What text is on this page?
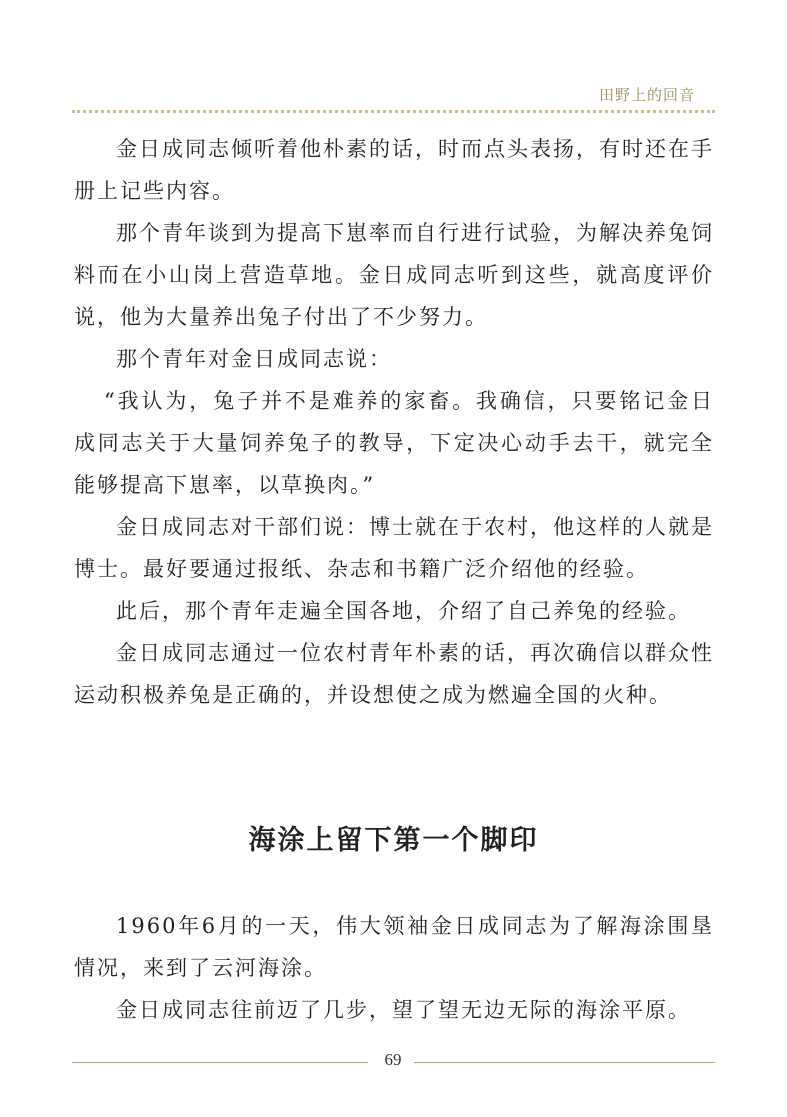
田野上的回音

金日成同志倾听着他朴素的话，时而点头表扬，有时还在手册上记些内容。

那个青年谈到为提高下崽率而自行进行试验，为解决养兔饲料而在小山岗上营造草地。金日成同志听到这些，就高度评价说，他为大量养出兔子付出了不少努力。

那个青年对金日成同志说：

“我认为，兔子并不是难养的家畜。我确信，只要铭记金日成同志关于大量饲养兔子的教导，下定决心动手去干，就完全能够提高下崽率，以草换肉。”

金日成同志对干部们说：博士就在于农村，他这样的人就是博士。最好要通过报纸、杂志和书籍广泛介绍他的经验。

此后，那个青年走遍全国各地，介绍了自己养兔的经验。

金日成同志通过一位农村青年朴素的话，再次确信以群众性运动积极养兔是正确的，并设想使之成为燃遍全国的火种。

海涂上留下第一个脚印

1960年6月的一天，伟大领袖金日成同志为了解海涂围垦情况，来到了云河海涂。

金日成同志往前迈了几步，望了望无边无际的海涂平原。

69
